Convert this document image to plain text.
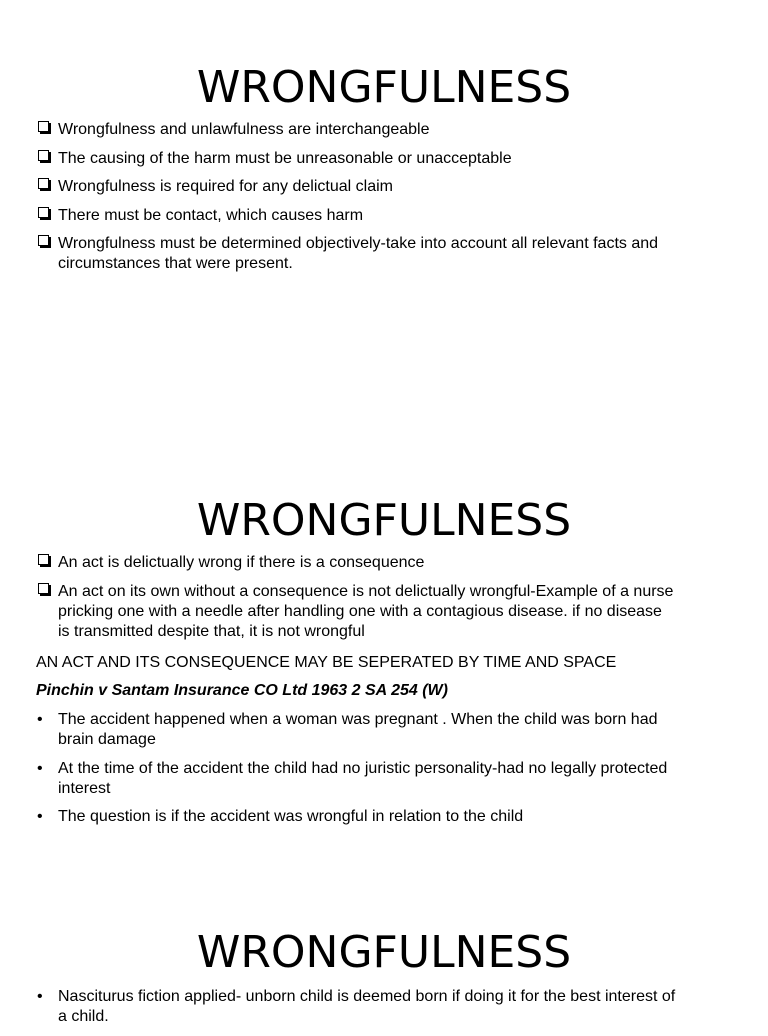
WRONGFULNESS
Wrongfulness and unlawfulness are interchangeable
The causing of the harm must be unreasonable or unacceptable
Wrongfulness is required for any delictual claim
There must be contact, which causes harm
Wrongfulness must be determined objectively-take into account all relevant facts and circumstances that were present.
WRONGFULNESS
An act is delictually wrong if there is a consequence
An act on its own without a consequence is not delictually wrongful-Example of a nurse pricking one with a needle after handling one with a contagious disease. if no disease is transmitted despite that, it is not wrongful
AN ACT AND ITS CONSEQUENCE MAY BE SEPERATED BY TIME AND SPACE
Pinchin v Santam Insurance CO Ltd 1963 2 SA 254 (W)
• The accident happened when a woman was pregnant . When the child was born had brain damage
• At the time of the accident the child had no juristic personality-had no legally protected interest
• The question is if the accident was wrongful in relation to the child
WRONGFULNESS
• Nasciturus fiction applied- unborn child is deemed born if doing it for the best interest of a child.
